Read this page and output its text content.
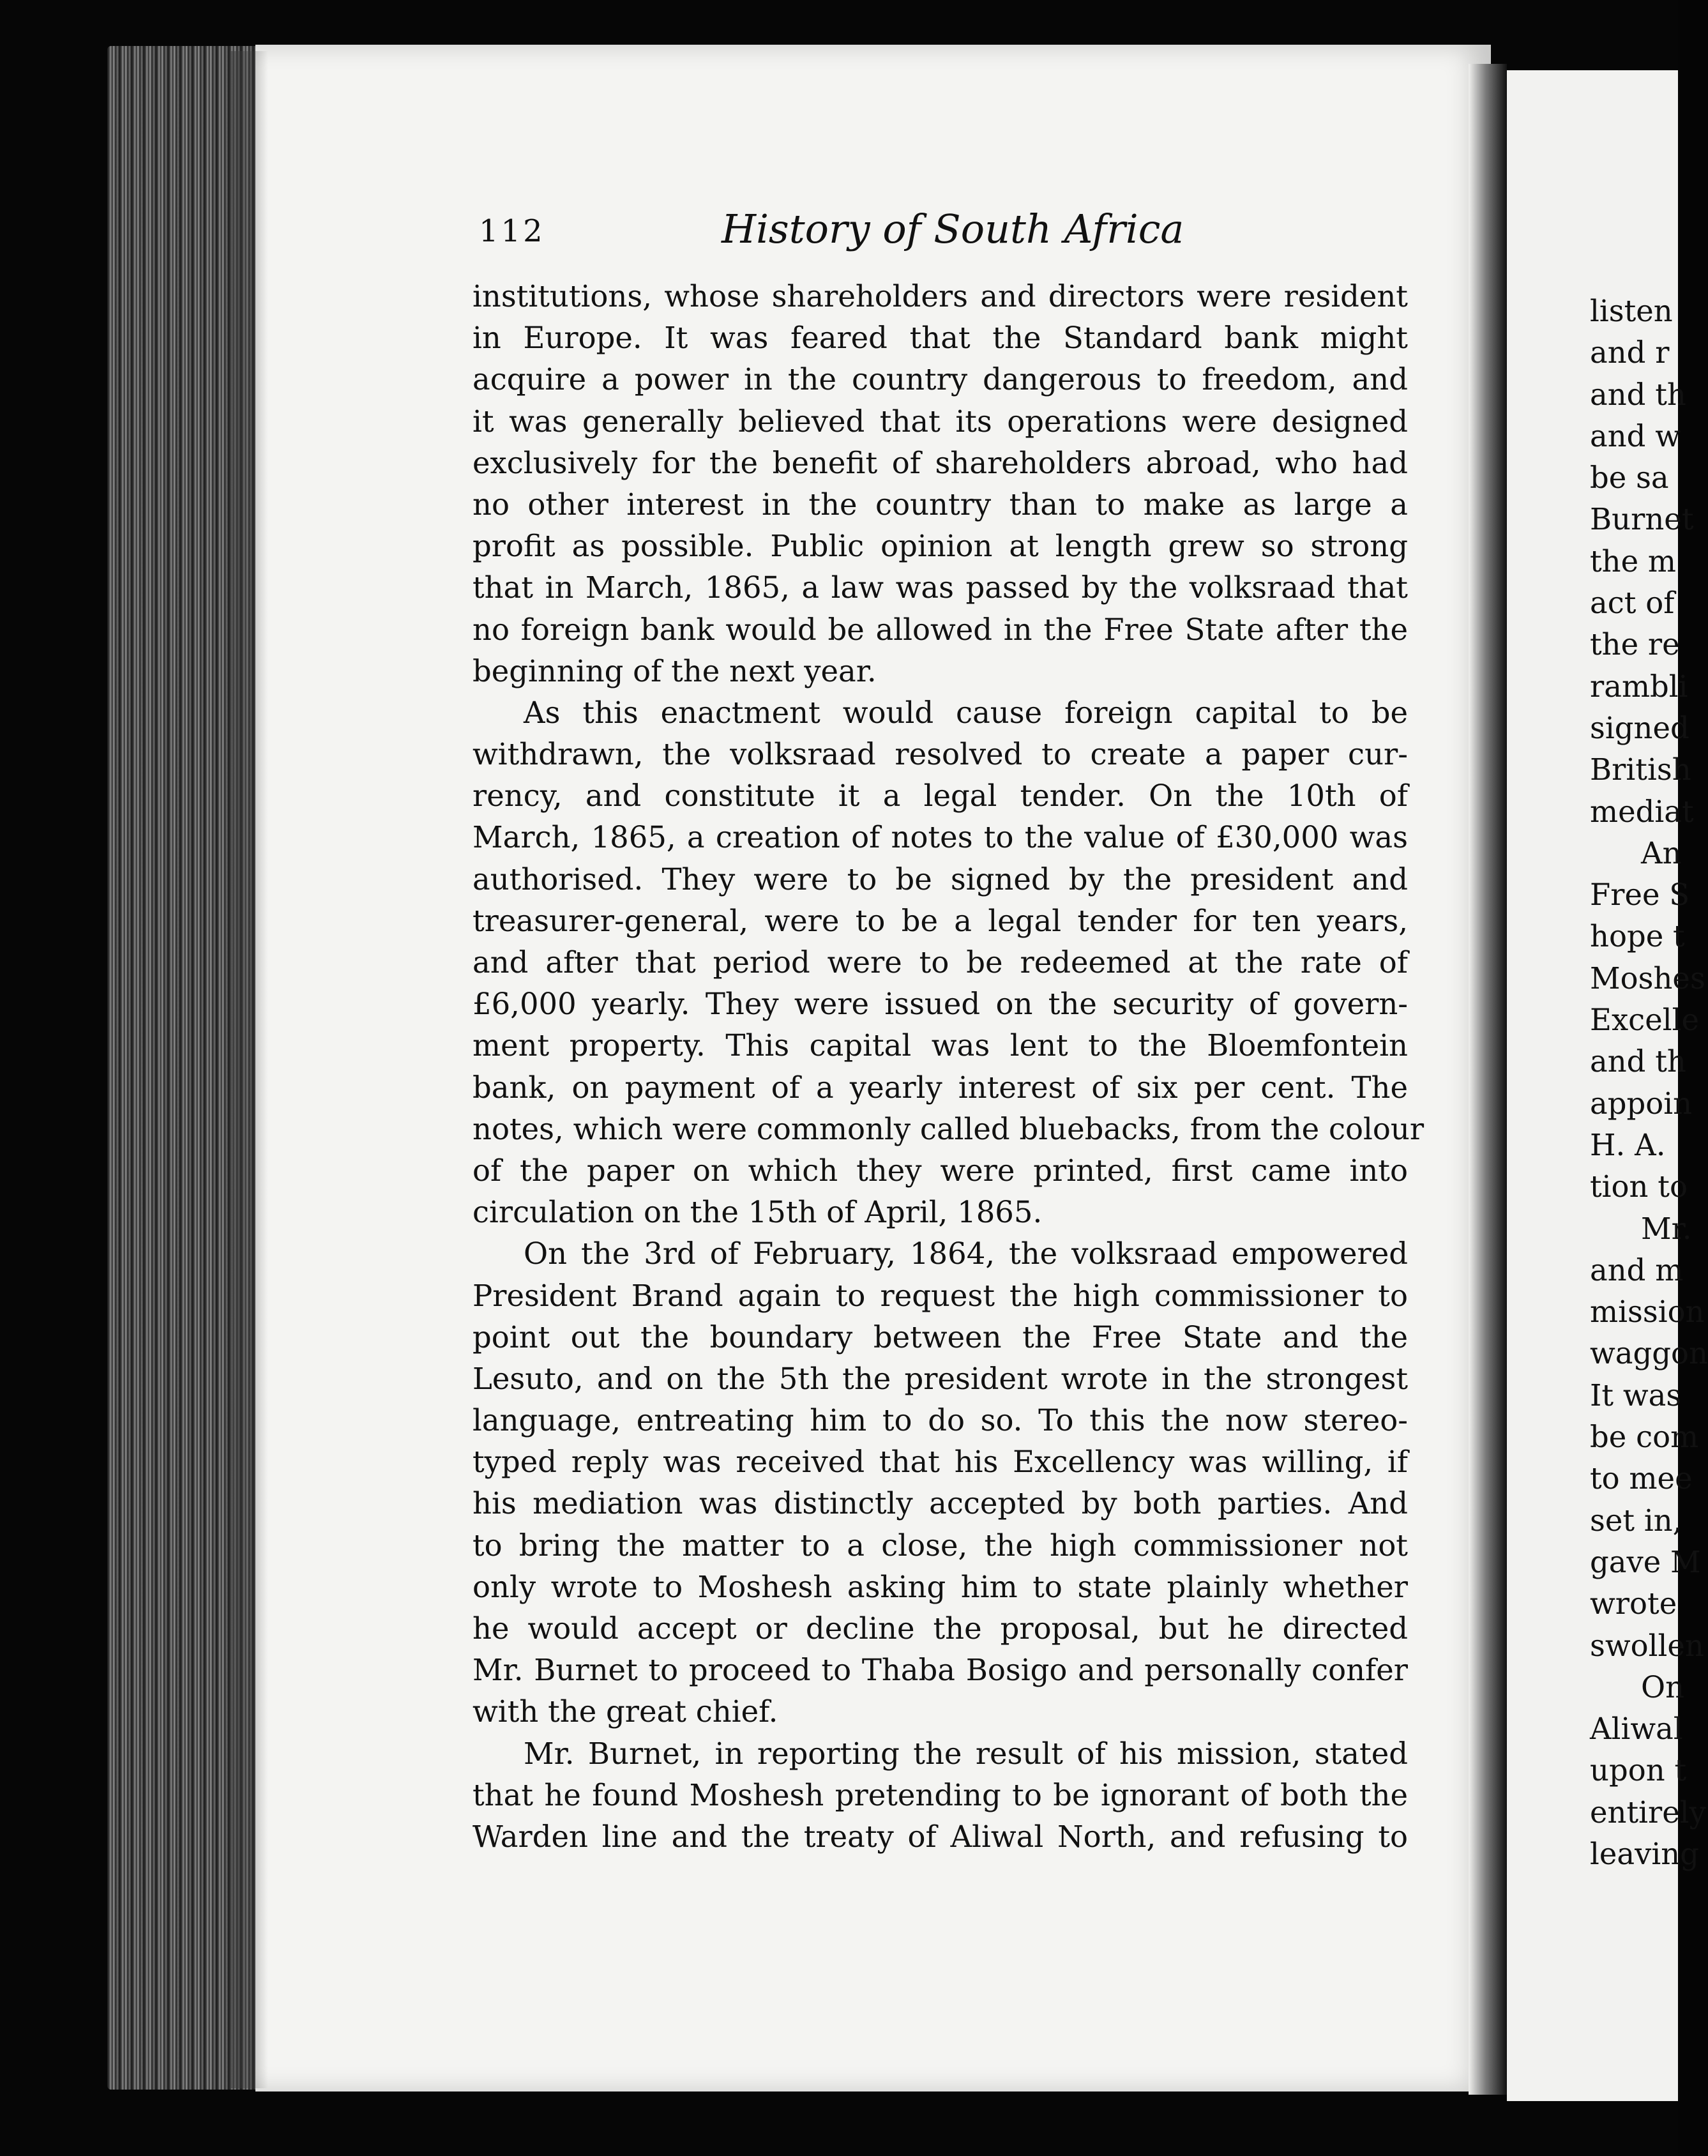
listen
and r
and th
and w
be sa
Burnet
the m
act of
the re
rambli
signed
British
mediat
An
Free S
hope t
Moshes
Excelle
and th
appoin
H. A.
tion to
Mr.
and m
mission
waggon
It was
be com
to mee
set in,
gave M
wrote
swollen
On
Aliwal
upon t
entirely
leaving
112	History of South Africa
institutions, whose shareholders and directors were resident
in Europe. It was feared that the Standard bank might
acquire a power in the country dangerous to freedom, and
it was generally believed that its operations were designed
exclusively for the benefit of shareholders abroad, who had
no other interest in the country than to make as large a
profit as possible. Public opinion at length grew so strong
that in March, 1865, a law was passed by the volksraad that
no foreign bank would be allowed in the Free State after the
beginning of the next year.
As this enactment would cause foreign capital to be
withdrawn, the volksraad resolved to create a paper cur-
rency, and constitute it a legal tender. On the 10th of
March, 1865, a creation of notes to the value of £30,000 was
authorised. They were to be signed by the president and
treasurer-general, were to be a legal tender for ten years,
and after that period were to be redeemed at the rate of
£6,000 yearly. They were issued on the security of govern-
ment property. This capital was lent to the Bloemfontein
bank, on payment of a yearly interest of six per cent. The
notes, which were commonly called bluebacks, from the colour
of the paper on which they were printed, first came into
circulation on the 15th of April, 1865.
On the 3rd of February, 1864, the volksraad empowered
President Brand again to request the high commissioner to
point out the boundary between the Free State and the
Lesuto, and on the 5th the president wrote in the strongest
language, entreating him to do so. To this the now stereo-
typed reply was received that his Excellency was willing, if
his mediation was distinctly accepted by both parties. And
to bring the matter to a close, the high commissioner not
only wrote to Moshesh asking him to state plainly whether
he would accept or decline the proposal, but he directed
Mr. Burnet to proceed to Thaba Bosigo and personally confer
with the great chief.
Mr. Burnet, in reporting the result of his mission, stated
that he found Moshesh pretending to be ignorant of both the
Warden line and the treaty of Aliwal North, and refusing to
